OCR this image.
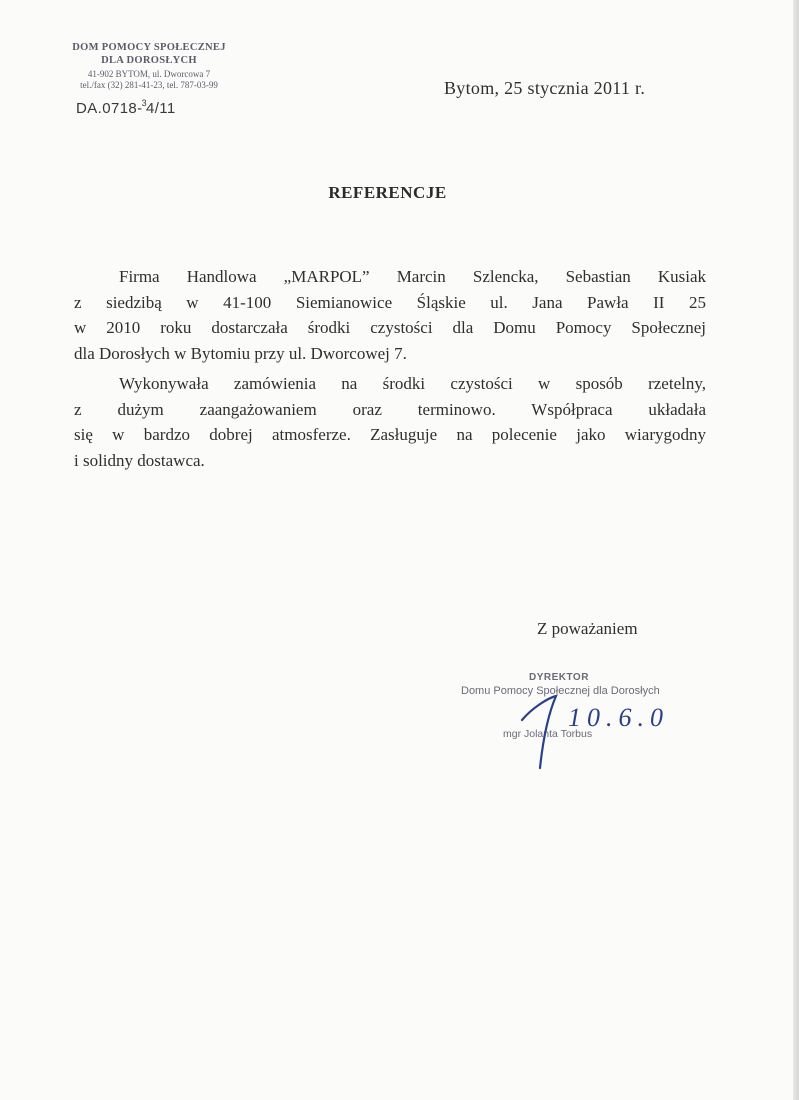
DOM POMOCY SPOŁECZNEJ
DLA DOROSŁYCH
41-902 BYTOM, ul. Dworcowa 7
tel./fax (32) 281-41-23, tel. 787-03-99
DA.0718-$^3$4/11
Bytom, 25 stycznia 2011 r.
REFERENCJE
Firma Handlowa „MARPOL” Marcin Szlencka, Sebastian Kusiak
z siedzibą w 41-100 Siemianowice Śląskie ul. Jana Pawła II 25
w 2010 roku dostarczała środki czystości dla Domu Pomocy Społecznej
dla Dorosłych w Bytomiu przy ul. Dworcowej 7.
Wykonywała zamówienia na środki czystości w sposób rzetelny,
z dużym zaangażowaniem oraz terminowo. Współpraca układała
się w bardzo dobrej atmosferze. Zasługuje na polecenie jako wiarygodny
i solidny dostawca.
Z poważaniem
DYREKTOR
Domu Pomocy Społecznej dla Dorosłych
mgr Jolanta Torbus
10.6.0
